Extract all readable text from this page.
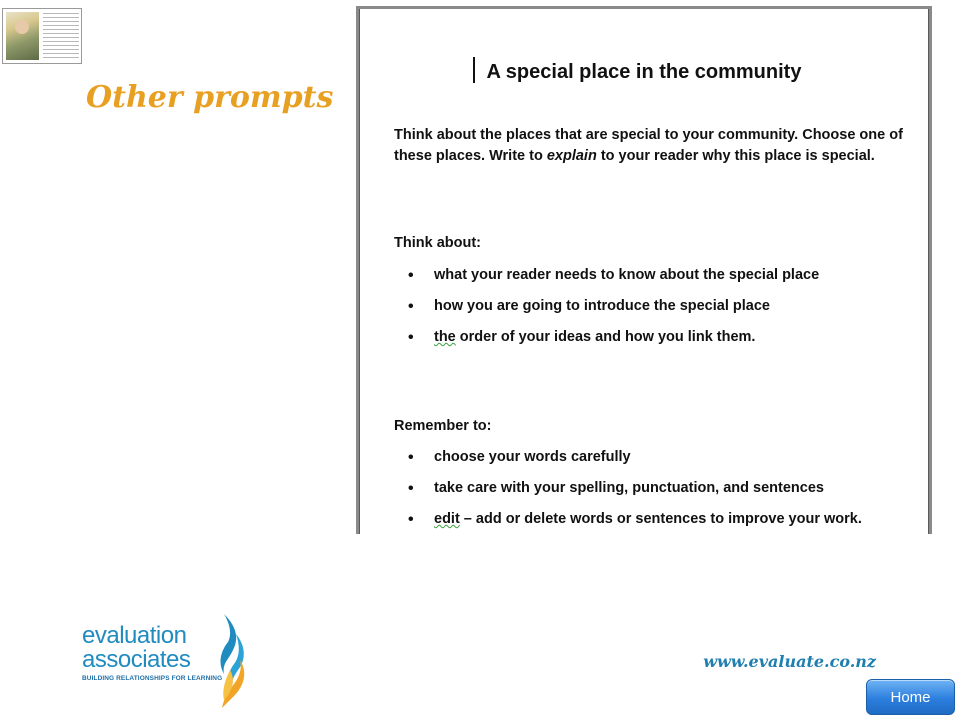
Other prompts
A special place in the community

Think about the places that are special to your community. Choose one of these places. Write to explain to your reader why this place is special.

Think about:

• what your reader needs to know about the special place
• how you are going to introduce the special place
• the order of your ideas and how you link them.

Remember to:

• choose your words carefully
• take care with your spelling, punctuation, and sentences
• edit – add or delete words or sentences to improve your work.
evaluation
associates
BUILDING RELATIONSHIPS FOR LEARNING
www.evaluate.co.nz
Home
